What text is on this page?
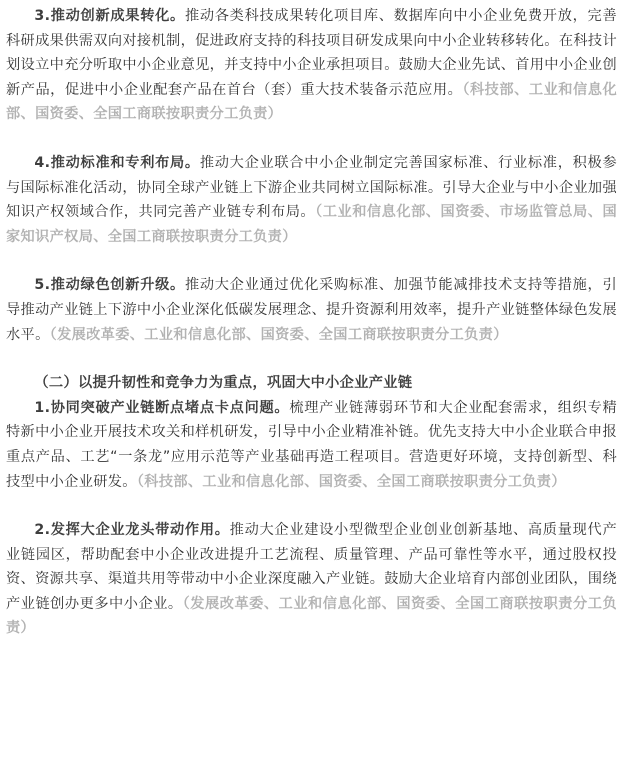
3.推动创新成果转化。推动各类科技成果转化项目库、数据库向中小企业免费开放，完善科研成果供需双向对接机制，促进政府支持的科技项目研发成果向中小企业转移转化。在科技计划设立中充分听取中小企业意见，并支持中小企业承担项目。鼓励大企业先试、首用中小企业创新产品，促进中小企业配套产品在首台（套）重大技术装备示范应用。（科技部、工业和信息化部、国资委、全国工商联按职责分工负责）

4.推动标准和专利布局。推动大企业联合中小企业制定完善国家标准、行业标准，积极参与国际标准化活动，协同全球产业链上下游企业共同树立国际标准。引导大企业与中小企业加强知识产权领域合作，共同完善产业链专利布局。（工业和信息化部、国资委、市场监管总局、国家知识产权局、全国工商联按职责分工负责）

5.推动绿色创新升级。推动大企业通过优化采购标准、加强节能减排技术支持等措施，引导推动产业链上下游中小企业深化低碳发展理念、提升资源利用效率，提升产业链整体绿色发展水平。（发展改革委、工业和信息化部、国资委、全国工商联按职责分工负责）

（二）以提升韧性和竞争力为重点，巩固大中小企业产业链

1.协同突破产业链断点堵点卡点问题。梳理产业链薄弱环节和大企业配套需求，组织专精特新中小企业开展技术攻关和样机研发，引导中小企业精准补链。优先支持大中小企业联合申报重点产品、工艺“一条龙”应用示范等产业基础再造工程项目。营造更好环境，支持创新型、科技型中小企业研发。（科技部、工业和信息化部、国资委、全国工商联按职责分工负责）

2.发挥大企业龙头带动作用。推动大企业建设小型微型企业创业创新基地、高质量现代产业链园区，帮助配套中小企业改进提升工艺流程、质量管理、产品可靠性等水平，通过股权投资、资源共享、渠道共用等带动中小企业深度融入产业链。鼓励大企业培育内部创业团队，围绕产业链创办更多中小企业。（发展改革委、工业和信息化部、国资委、全国工商联按职责分工负责）
